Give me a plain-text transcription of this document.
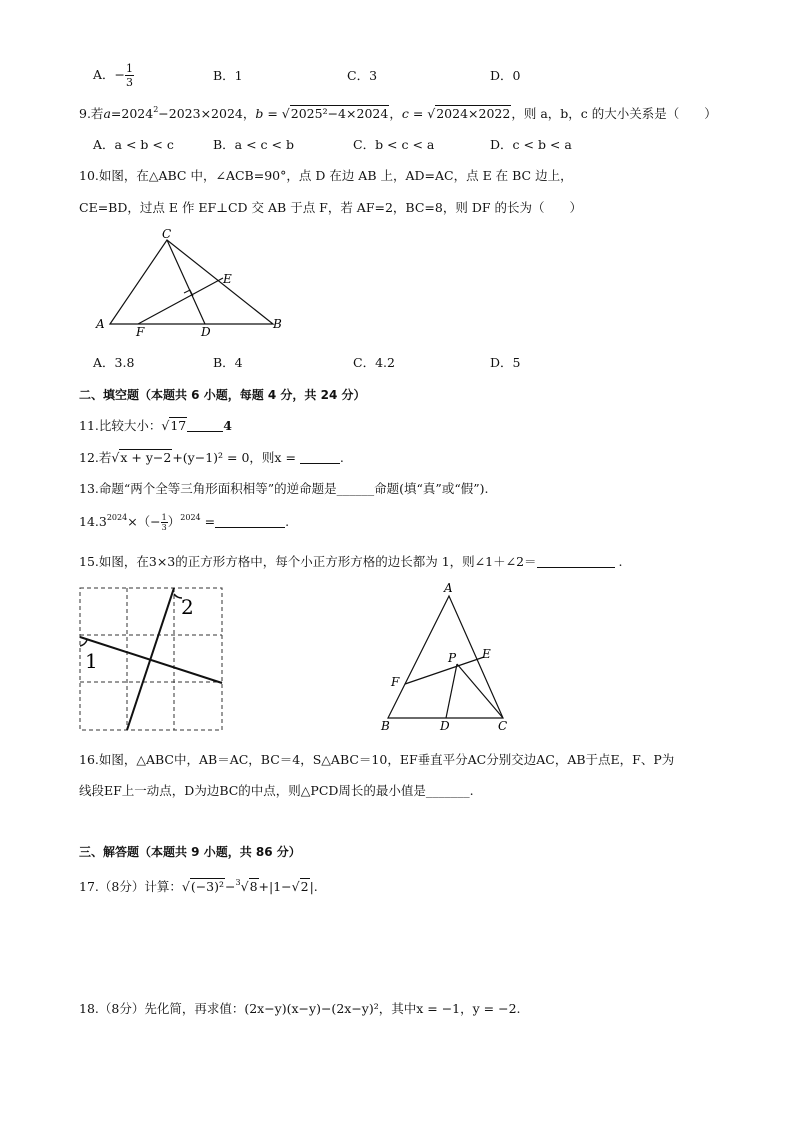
A．− $\frac{1}{3}$	B．1	C．3	D．0
9.若$a=2024^2-2023\times 2024$，b = √2025²−4×2024，c = √2024×2022，则 a，b，c 的大小关系是（　　）
A．a < b < c	B．a < c < b	C．b < c < a	D．c < b < a
10.如图，在△ABC 中，∠ACB=90°，点 D 在边 AB 上，AD=AC，点 E 在 BC 边上，
CE=BD，过点 E 作 EF⊥CD 交 AB 于点 F，若 AF=2，BC=8，则 DF 的长为（　　）
C
E
A
F	D
B
A．3.8	B．4	C．4.2	D．5
二、填空题（本题共 6 小题，每题 4 分，共 24 分）
11.比较大小：√17	4
12.若√x + y−2+(y−1)² = 0，则x =	.
13.命题“两个全等三角形面积相等”的逆命题是______命题(填“真”或“假”).
$14.3^{2024}\times(- \frac{1}{3} )^{2024}$ =	.
15.如图，在3×3的正方形方格中，每个小正方形方格的边长都为 1，则∠1＋∠2＝	.
2
1
A
P E
F
B	D	C
16.如图，△ABC中，AB＝AC，BC＝4，S△ABC＝10，EF垂直平分AC分别交边AC，AB于点E，F、P为
线段EF上一动点，D为边BC的中点，则△PCD周长的最小值是_______.
三、解答题（本题共 9 小题，共 86 分）
17.（8分）计算：√(−3)²−$^3$√8+|1−√2|.
18.（8分）先化简，再求值：(2x−y)(x−y)−(2x−y)²，其中x = −1，y = −2.
